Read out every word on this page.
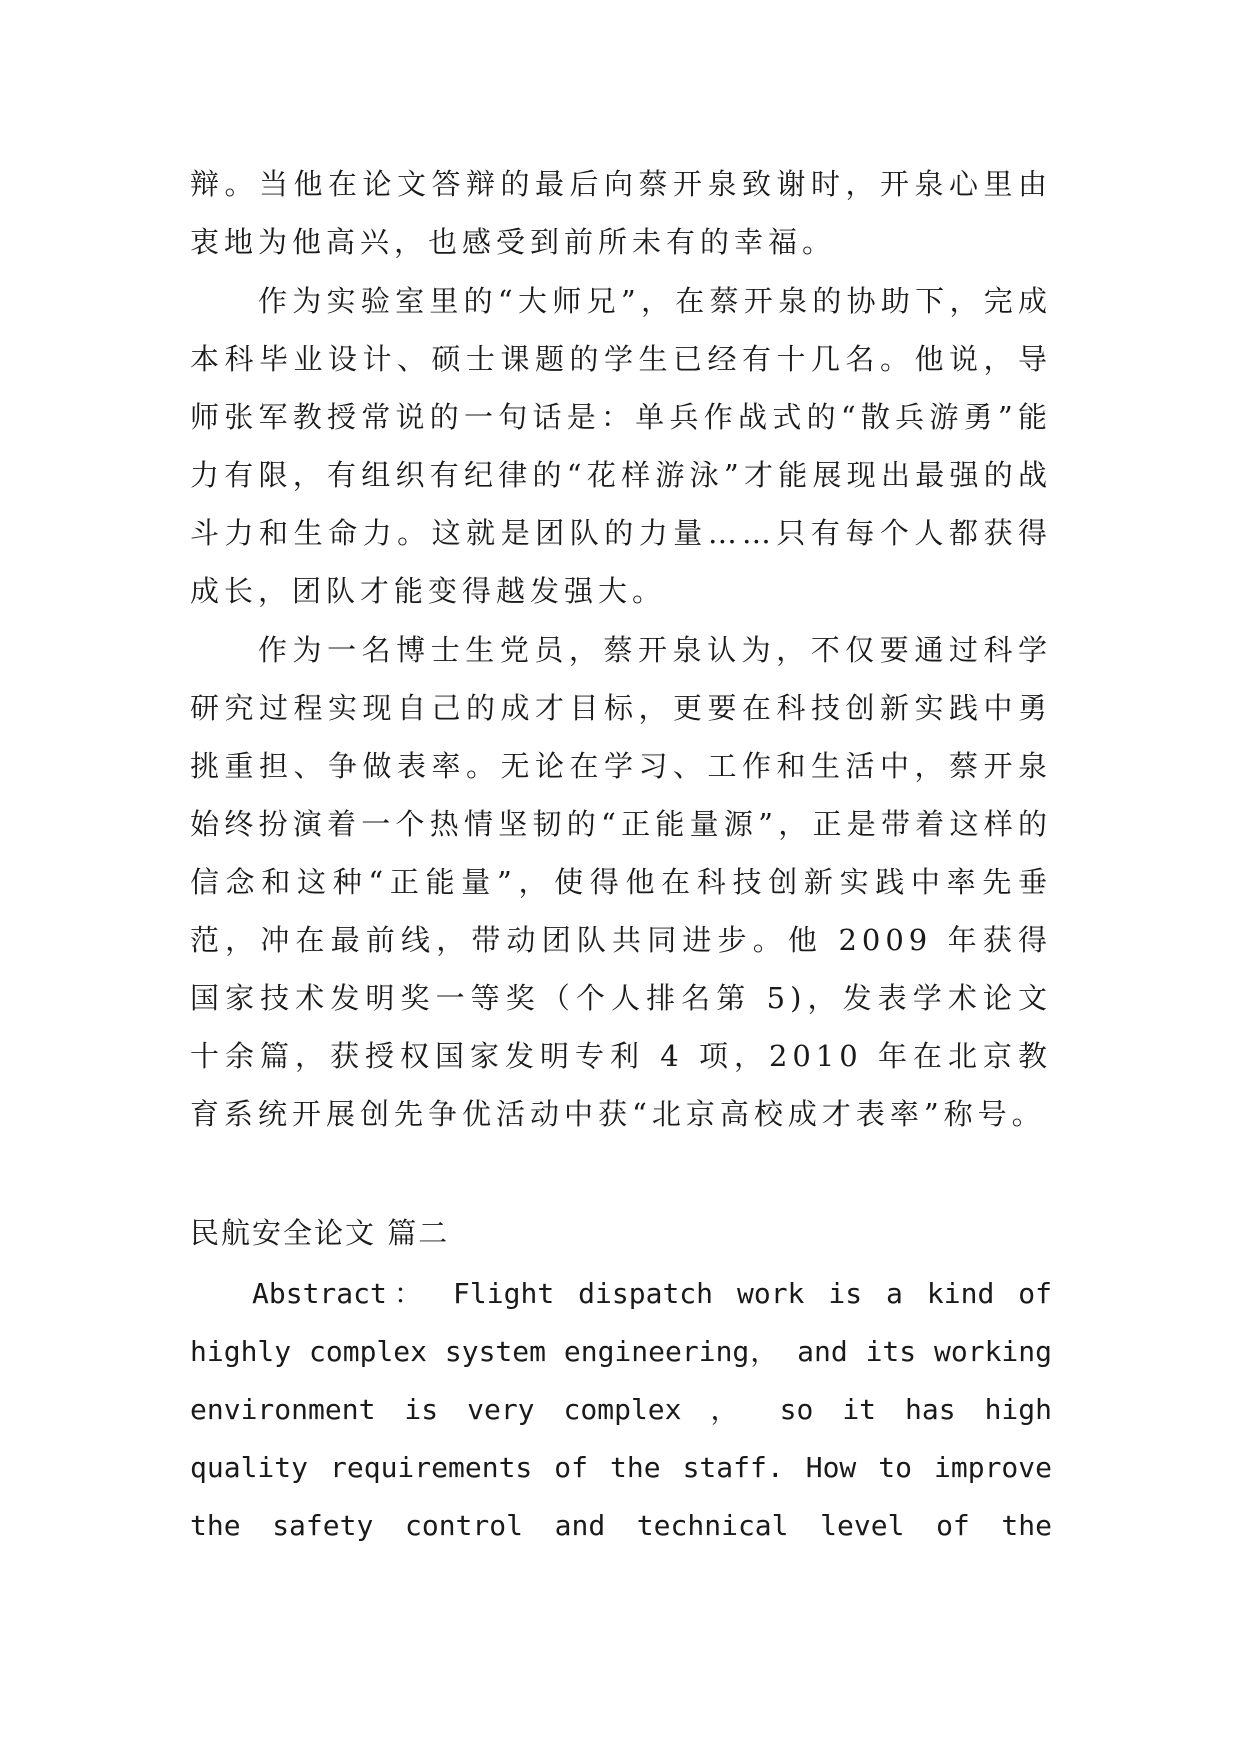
辩。当他在论文答辩的最后向蔡开泉致谢时，开泉心里由衷地为他高兴，也感受到前所未有的幸福。

作为实验室里的“大师兄”，在蔡开泉的协助下，完成本科毕业设计、硕士课题的学生已经有十几名。他说，导师张军教授常说的一句话是：单兵作战式的“散兵游勇”能力有限，有组织有纪律的“花样游泳”才能展现出最强的战斗力和生命力。这就是团队的力量……只有每个人都获得成长，团队才能变得越发强大。

作为一名博士生党员，蔡开泉认为，不仅要通过科学研究过程实现自己的成才目标，更要在科技创新实践中勇挑重担、争做表率。无论在学习、工作和生活中，蔡开泉始终扮演着一个热情坚韧的“正能量源”，正是带着这样的信念和这种“正能量”，使得他在科技创新实践中率先垂范，冲在最前线，带动团队共同进步。他 2009 年获得国家技术发明奖一等奖（个人排名第 5)，发表学术论文十余篇，获授权国家发明专利 4 项，2010 年在北京教育系统开展创先争优活动中获“北京高校成才表率”称号。

民航安全论文 篇二

Abstract： Flight dispatch work is a kind of highly complex system engineering， and its working environment is very complex ， so it has high quality requirements of the staff. How to improve the safety control and technical level of the
